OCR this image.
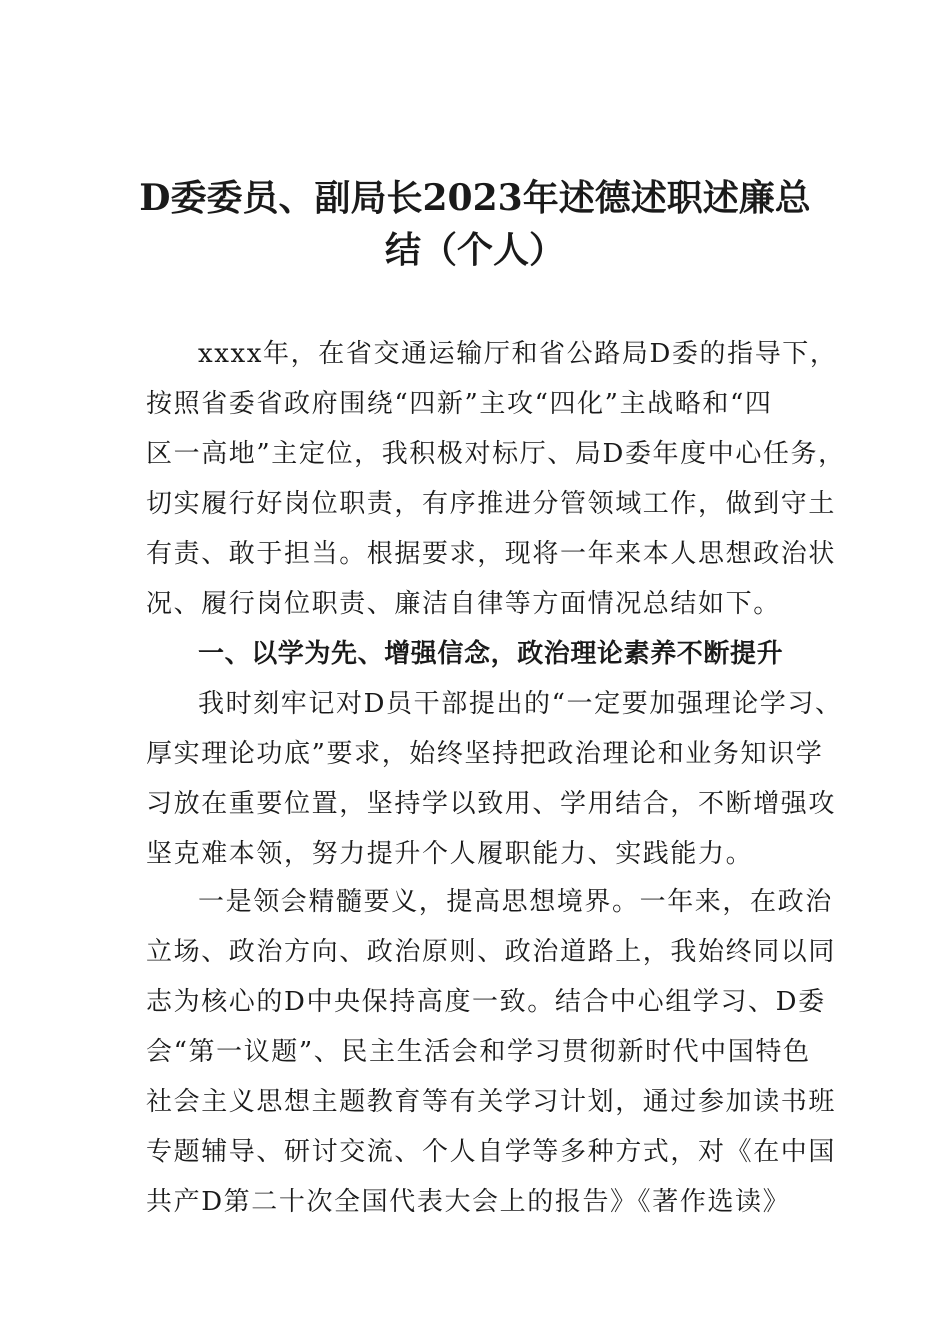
D委委员、副局长2023年述德述职述廉总
结（个人）
xxxx年，在省交通运输厅和省公路局D委的指导下，
按照省委省政府围绕“四新”主攻“四化”主战略和“四
区一高地”主定位，我积极对标厅、局D委年度中心任务，
切实履行好岗位职责，有序推进分管领域工作，做到守土
有责、敢于担当。根据要求，现将一年来本人思想政治状
况、履行岗位职责、廉洁自律等方面情况总结如下。
一、以学为先、增强信念，政治理论素养不断提升
我时刻牢记对D员干部提出的“一定要加强理论学习、
厚实理论功底”要求，始终坚持把政治理论和业务知识学
习放在重要位置，坚持学以致用、学用结合，不断增强攻
坚克难本领，努力提升个人履职能力、实践能力。
一是领会精髓要义，提高思想境界。一年来，在政治
立场、政治方向、政治原则、政治道路上，我始终同以同
志为核心的D中央保持高度一致。结合中心组学习、D委
会“第一议题”、民主生活会和学习贯彻新时代中国特色
社会主义思想主题教育等有关学习计划，通过参加读书班
专题辅导、研讨交流、个人自学等多种方式，对《在中国
共产D第二十次全国代表大会上的报告》《著作选读》
